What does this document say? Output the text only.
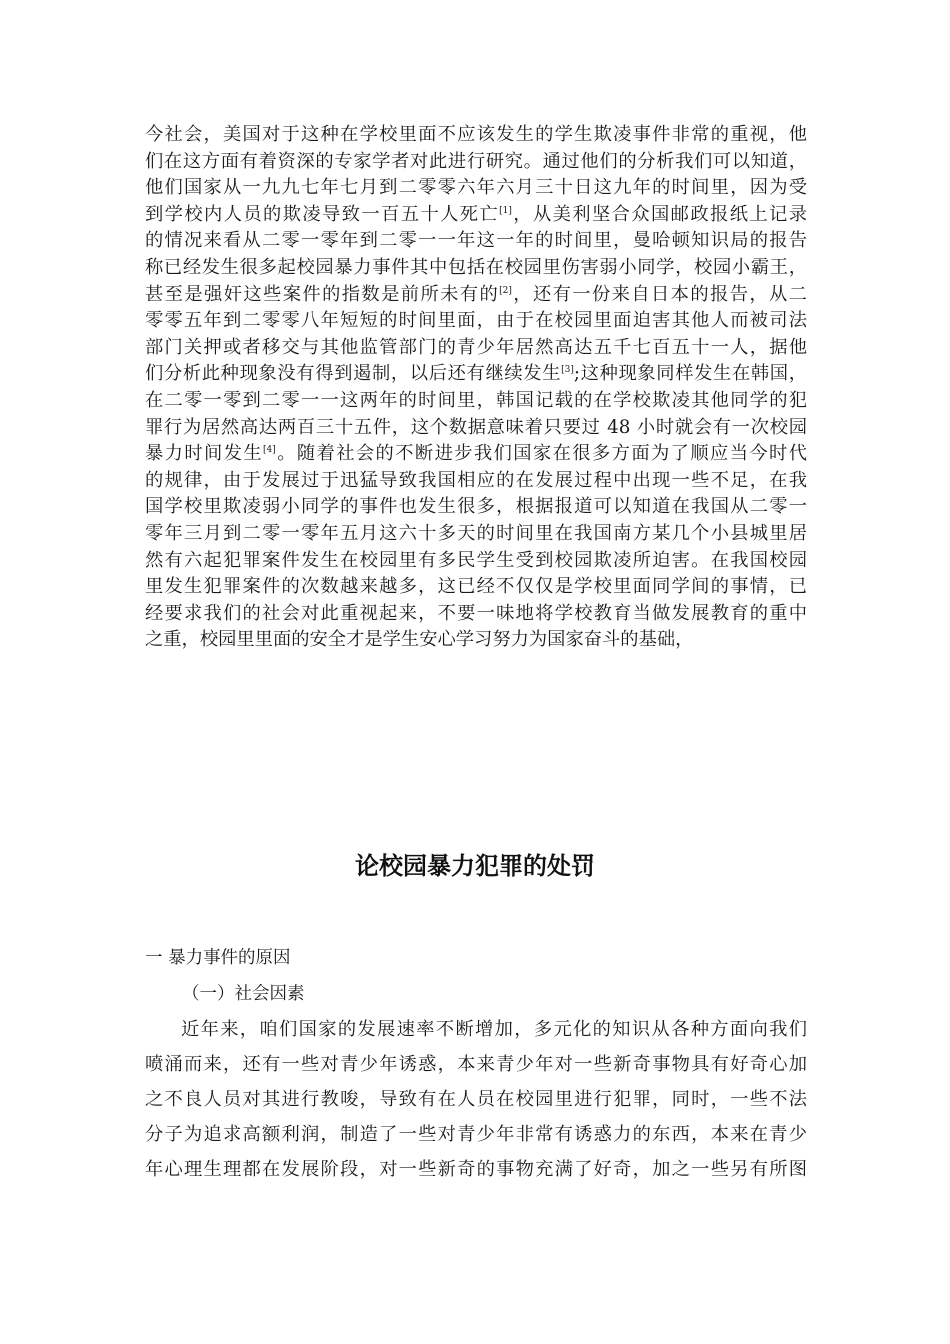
今社会，美国对于这种在学校里面不应该发生的学生欺凌事件非常的重视，他
们在这方面有着资深的专家学者对此进行研究。通过他们的分析我们可以知道，
他们国家从一九九七年七月到二零零六年六月三十日这九年的时间里，因为受
到学校内人员的欺凌导致一百五十人死亡[1]，从美利坚合众国邮政报纸上记录
的情况来看从二零一零年到二零一一年这一年的时间里，曼哈顿知识局的报告
称已经发生很多起校园暴力事件其中包括在校园里伤害弱小同学，校园小霸王，
甚至是强奸这些案件的指数是前所未有的[2]，还有一份来自日本的报告，从二
零零五年到二零零八年短短的时间里面，由于在校园里面迫害其他人而被司法
部门关押或者移交与其他监管部门的青少年居然高达五千七百五十一人，据他
们分析此种现象没有得到遏制，以后还有继续发生[3];这种现象同样发生在韩国，
在二零一零到二零一一这两年的时间里，韩国记载的在学校欺凌其他同学的犯
罪行为居然高达两百三十五件，这个数据意味着只要过 48 小时就会有一次校园
暴力时间发生[4]。随着社会的不断进步我们国家在很多方面为了顺应当今时代
的规律，由于发展过于迅猛导致我国相应的在发展过程中出现一些不足，在我
国学校里欺凌弱小同学的事件也发生很多，根据报道可以知道在我国从二零一
零年三月到二零一零年五月这六十多天的时间里在我国南方某几个小县城里居
然有六起犯罪案件发生在校园里有多民学生受到校园欺凌所迫害。在我国校园
里发生犯罪案件的次数越来越多，这已经不仅仅是学校里面同学间的事情，已
经要求我们的社会对此重视起来，不要一味地将学校教育当做发展教育的重中
之重，校园里里面的安全才是学生安心学习努力为国家奋斗的基础，
论校园暴力犯罪的处罚
一 暴力事件的原因
（一）社会因素
近年来，咱们国家的发展速率不断增加，多元化的知识从各种方面向我们
喷涌而来，还有一些对青少年诱惑，本来青少年对一些新奇事物具有好奇心加
之不良人员对其进行教唆，导致有在人员在校园里进行犯罪，同时，一些不法
分子为追求高额利润，制造了一些对青少年非常有诱惑力的东西，本来在青少
年心理生理都在发展阶段，对一些新奇的事物充满了好奇，加之一些另有所图
